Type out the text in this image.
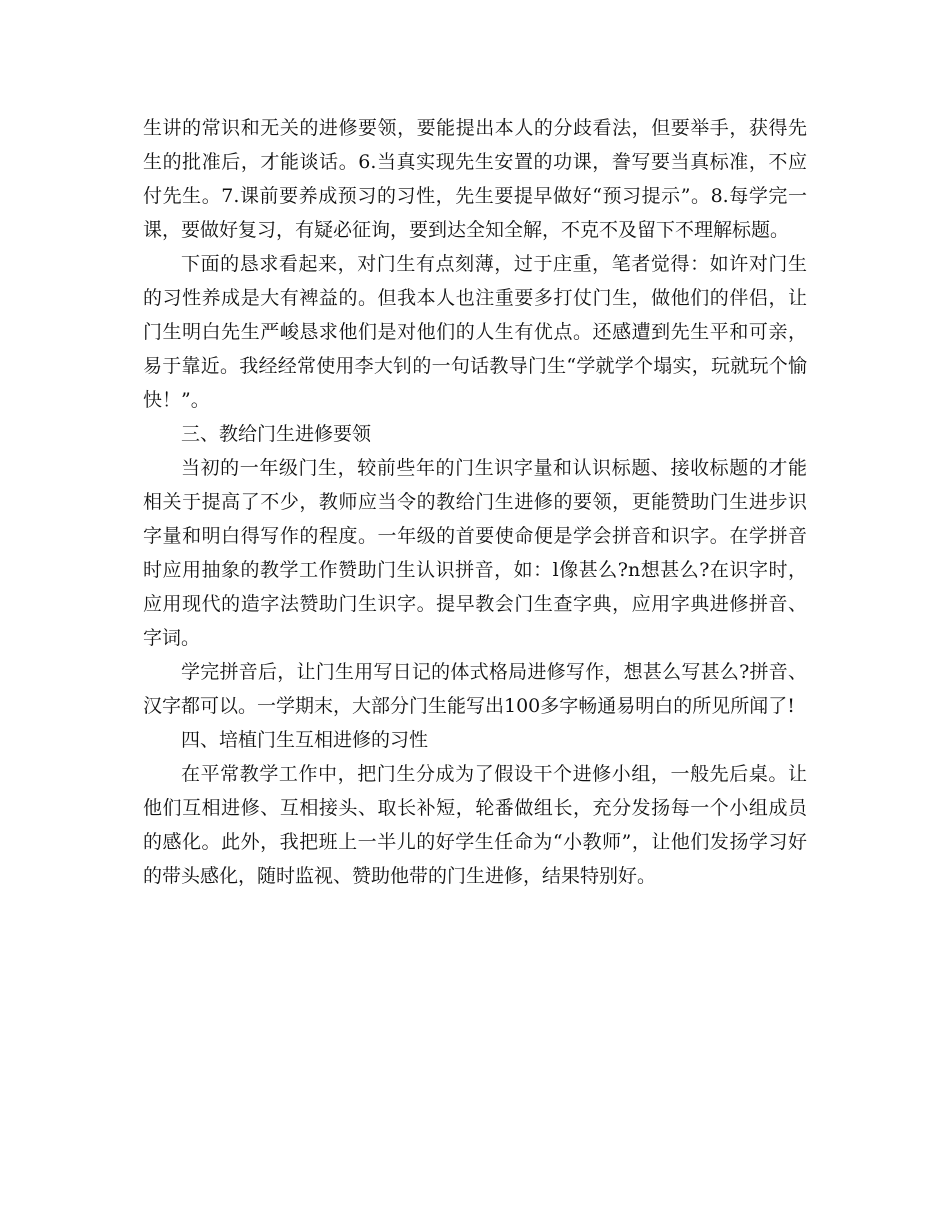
生讲的常识和无关的进修要领，要能提出本人的分歧看法，但要举手，获得先生的批准后，才能谈话。6.当真实现先生安置的功课，誊写要当真标准，不应付先生。7.课前要养成预习的习性，先生要提早做好“预习提示”。8.每学完一课，要做好复习，有疑必征询，要到达全知全解，不克不及留下不理解标题。

下面的恳求看起来，对门生有点刻薄，过于庄重，笔者觉得：如许对门生的习性养成是大有裨益的。但我本人也注重要多打仗门生，做他们的伴侣，让门生明白先生严峻恳求他们是对他们的人生有优点。还感遭到先生平和可亲，易于靠近。我经经常使用李大钊的一句话教导门生“学就学个塌实，玩就玩个愉快！”。

三、教给门生进修要领

当初的一年级门生，较前些年的门生识字量和认识标题、接收标题的才能相关于提高了不少，教师应当令的教给门生进修的要领，更能赞助门生进步识字量和明白得写作的程度。一年级的首要使命便是学会拼音和识字。在学拼音时应用抽象的教学工作赞助门生认识拼音，如：l像甚么?n想甚么?在识字时，应用现代的造字法赞助门生识字。提早教会门生查字典，应用字典进修拼音、字词。

学完拼音后，让门生用写日记的体式格局进修写作，想甚么写甚么?拼音、汉字都可以。一学期末，大部分门生能写出100多字畅通易明白的所见所闻了!

四、培植门生互相进修的习性

在平常教学工作中，把门生分成为了假设干个进修小组，一般先后桌。让他们互相进修、互相接头、取长补短，轮番做组长，充分发扬每一个小组成员的感化。此外，我把班上一半儿的好学生任命为“小教师”，让他们发扬学习好的带头感化，随时监视、赞助他带的门生进修，结果特别好。
